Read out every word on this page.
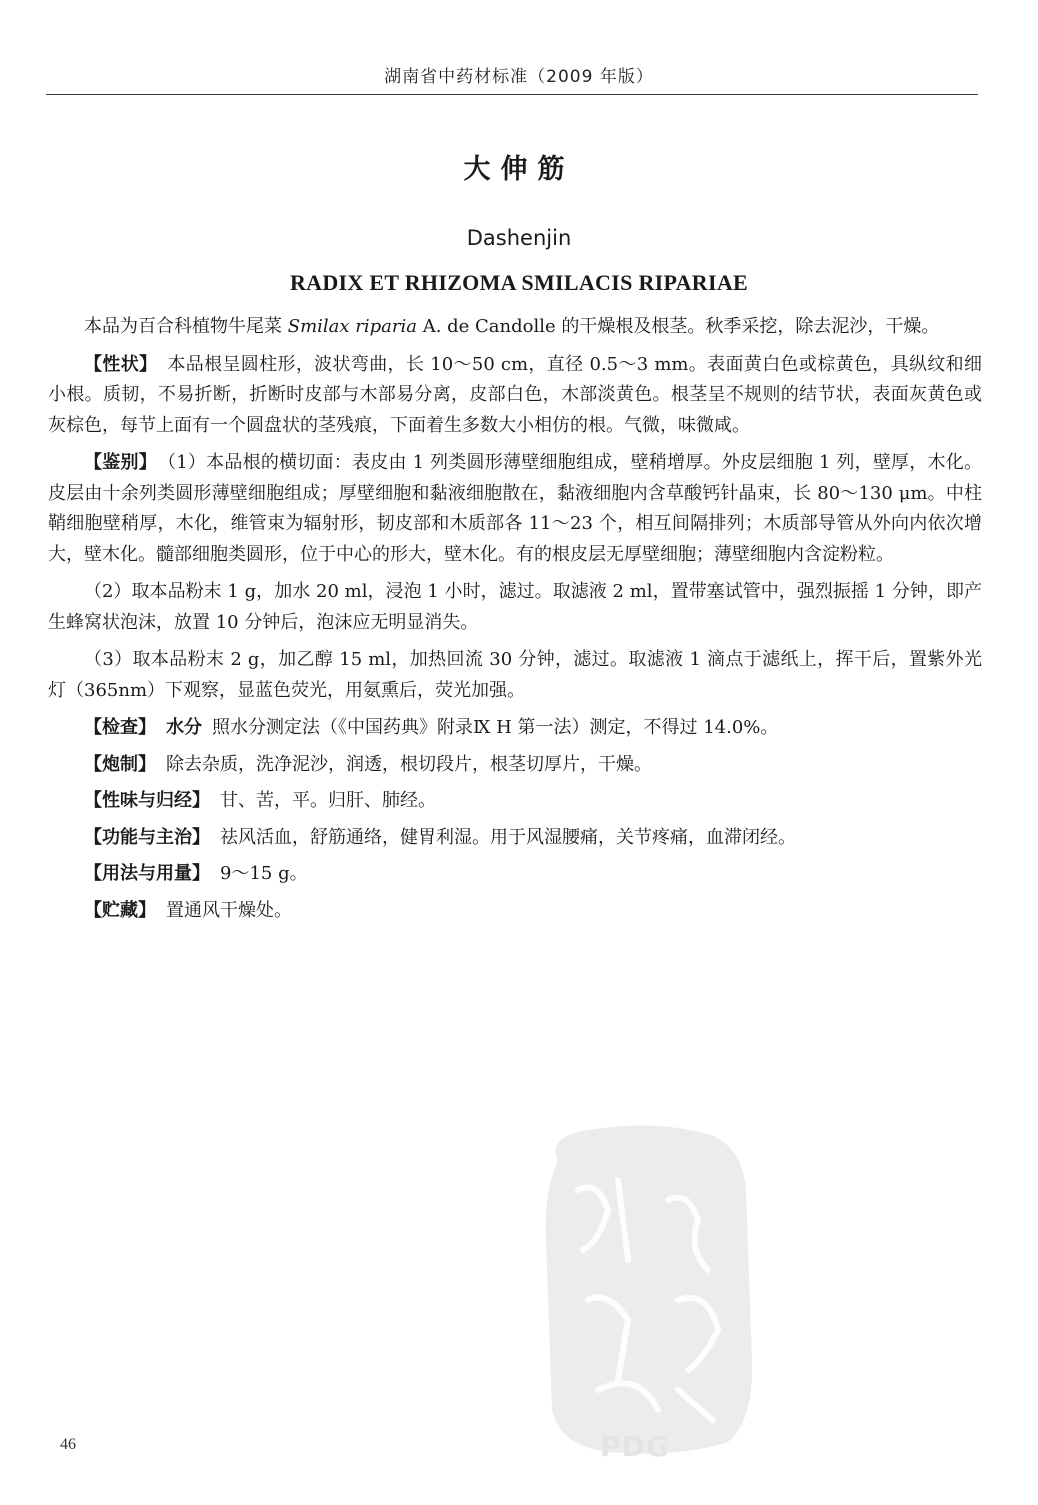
湖南省中药材标准（2009 年版）
大伸筋
Dashenjin
RADIX ET RHIZOMA SMILACIS RIPARIAE

本品为百合科植物牛尾菜 Smilax riparia A. de Candolle 的干燥根及根茎。秋季采挖，除去泥沙，干燥。

【性状】 本品根呈圆柱形，波状弯曲，长 10～50 cm，直径 0.5～3 mm。表面黄白色或棕黄色，具纵纹和细小根。质韧，不易折断，折断时皮部与木部易分离，皮部白色，木部淡黄色。根茎呈不规则的结节状，表面灰黄色或灰棕色，每节上面有一个圆盘状的茎残痕，下面着生多数大小相仿的根。气微，味微咸。

【鉴别】 （1）本品根的横切面：表皮由 1 列类圆形薄壁细胞组成，壁稍增厚。外皮层细胞 1 列，壁厚，木化。皮层由十余列类圆形薄壁细胞组成；厚壁细胞和黏液细胞散在，黏液细胞内含草酸钙针晶束，长 80～130 μm。中柱鞘细胞壁稍厚，木化，维管束为辐射形，韧皮部和木质部各 11～23 个，相互间隔排列；木质部导管从外向内依次增大，壁木化。髓部细胞类圆形，位于中心的形大，壁木化。有的根皮层无厚壁细胞；薄壁细胞内含淀粉粒。

（2）取本品粉末 1 g，加水 20 ml，浸泡 1 小时，滤过。取滤液 2 ml，置带塞试管中，强烈振摇 1 分钟，即产生蜂窝状泡沫，放置 10 分钟后，泡沫应无明显消失。

（3）取本品粉末 2 g，加乙醇 15 ml，加热回流 30 分钟，滤过。取滤液 1 滴点于滤纸上，挥干后，置紫外光灯（365nm）下观察，显蓝色荧光，用氨熏后，荧光加强。

【检查】 水分 照水分测定法（《中国药典》附录Ⅸ H 第一法）测定，不得过 14.0%。

【炮制】 除去杂质，洗净泥沙，润透，根切段片，根茎切厚片，干燥。

【性味与归经】 甘、苦，平。归肝、肺经。

【功能与主治】 祛风活血，舒筋通络，健胃利湿。用于风湿腰痛，关节疼痛，血滞闭经。

【用法与用量】 9～15 g。

【贮藏】 置通风干燥处。

PDG
46
